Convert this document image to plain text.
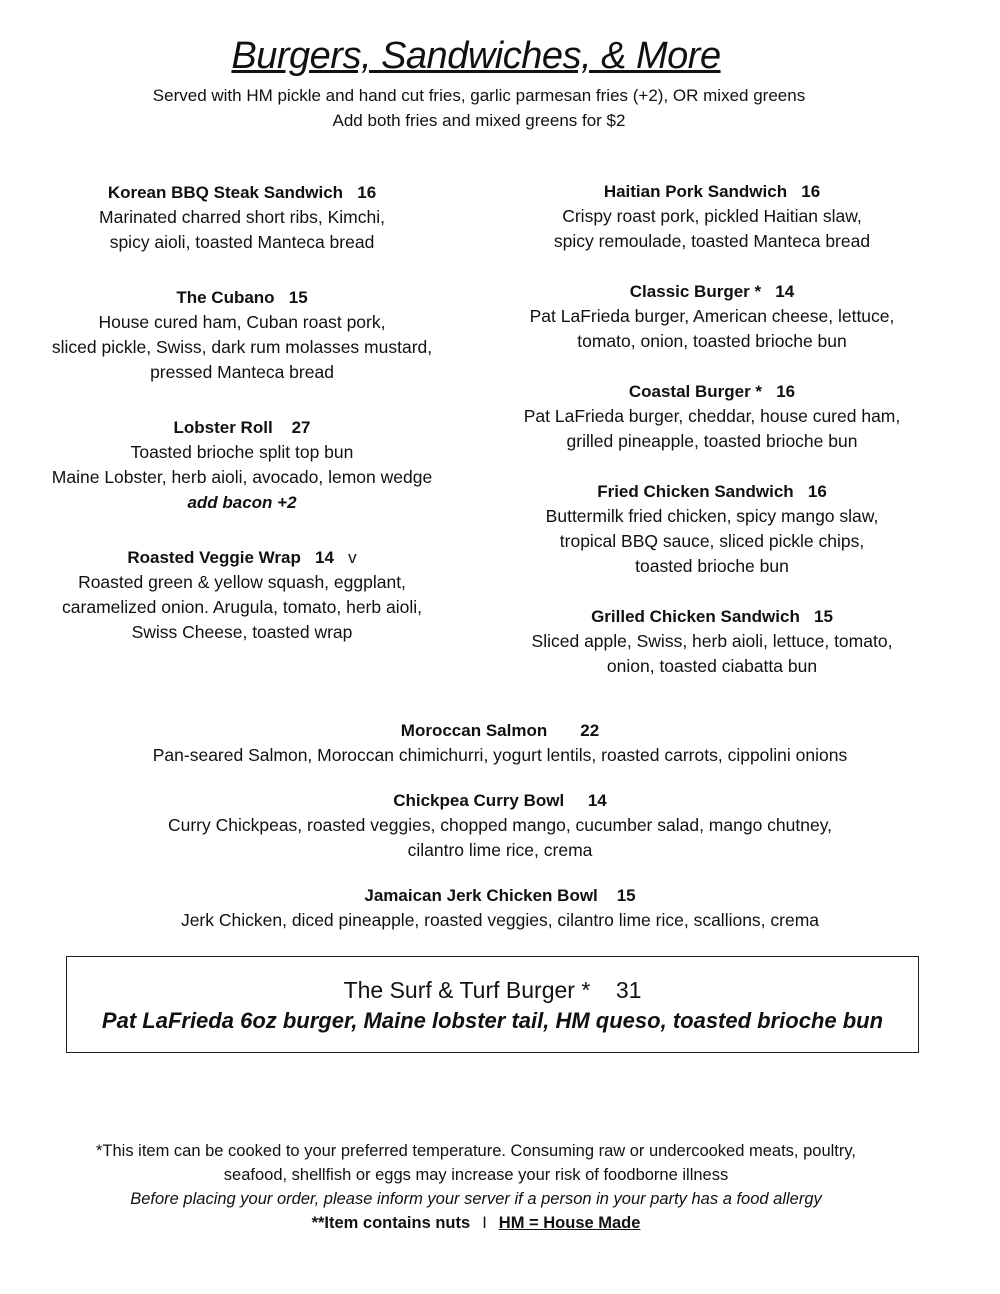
Burgers, Sandwiches, & More
Served with HM pickle and hand cut fries, garlic parmesan fries (+2), OR mixed greens
Add both fries and mixed greens for $2
Korean BBQ Steak Sandwich 16
Marinated charred short ribs, Kimchi,
spicy aioli, toasted Manteca bread
The Cubano 15
House cured ham, Cuban roast pork,
sliced pickle, Swiss, dark rum molasses mustard,
pressed Manteca bread
Lobster Roll 27
Toasted brioche split top bun
Maine Lobster, herb aioli, avocado, lemon wedge
add bacon +2
Roasted Veggie Wrap 14 v
Roasted green & yellow squash, eggplant,
caramelized onion. Arugula, tomato, herb aioli,
Swiss Cheese, toasted wrap
Haitian Pork Sandwich 16
Crispy roast pork, pickled Haitian slaw,
spicy remoulade, toasted Manteca bread
Classic Burger * 14
Pat LaFrieda burger, American cheese, lettuce,
tomato, onion, toasted brioche bun
Coastal Burger * 16
Pat LaFrieda burger, cheddar, house cured ham,
grilled pineapple, toasted brioche bun
Fried Chicken Sandwich 16
Buttermilk fried chicken, spicy mango slaw,
tropical BBQ sauce, sliced pickle chips,
toasted brioche bun
Grilled Chicken Sandwich 15
Sliced apple, Swiss, herb aioli, lettuce, tomato,
onion, toasted ciabatta bun
Moroccan Salmon 22
Pan-seared Salmon, Moroccan chimichurri, yogurt lentils, roasted carrots, cippolini onions
Chickpea Curry Bowl 14
Curry Chickpeas, roasted veggies, chopped mango, cucumber salad, mango chutney,
cilantro lime rice, crema
Jamaican Jerk Chicken Bowl 15
Jerk Chicken, diced pineapple, roasted veggies, cilantro lime rice, scallions, crema
The Surf & Turf Burger * 31
Pat LaFrieda 6oz burger, Maine lobster tail, HM queso, toasted brioche bun
*This item can be cooked to your preferred temperature. Consuming raw or undercooked meats, poultry,
seafood, shellfish or eggs may increase your risk of foodborne illness
Before placing your order, please inform your server if a person in your party has a food allergy
**Item contains nuts I HM = House Made
